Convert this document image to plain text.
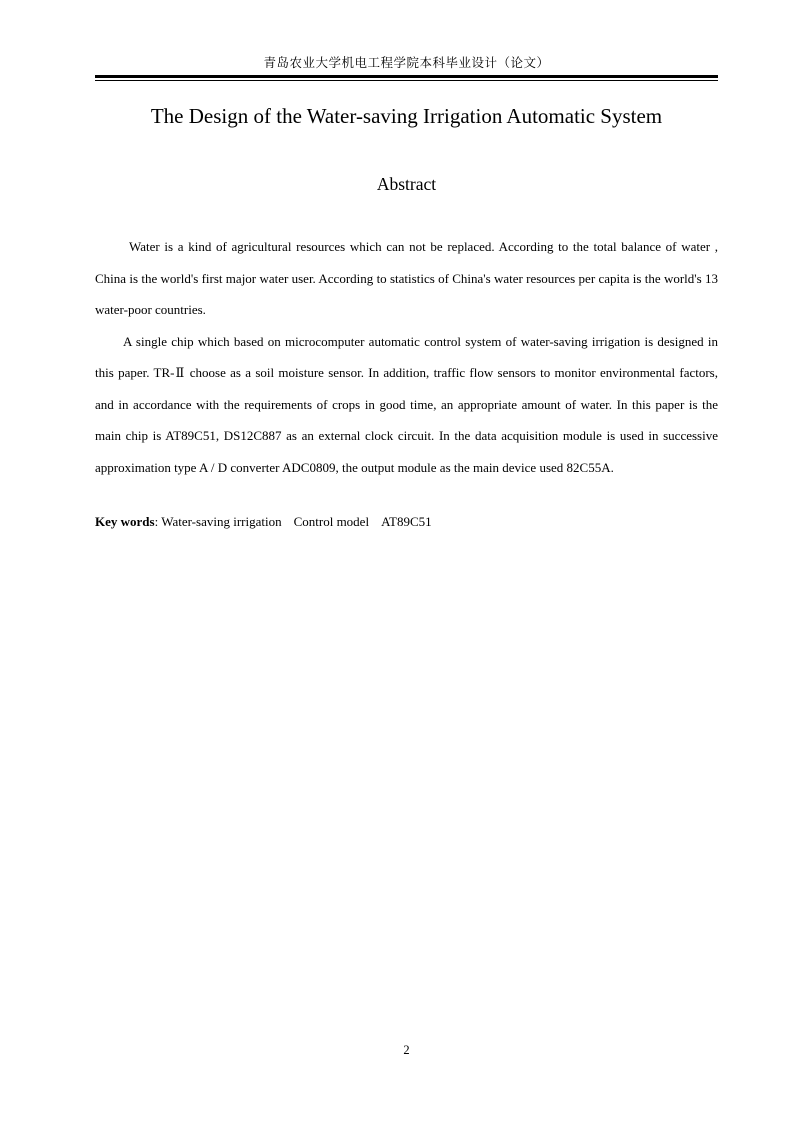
青岛农业大学机电工程学院本科毕业设计（论文）
The Design of the Water-saving Irrigation Automatic System
Abstract

Water is a kind of agricultural resources which can not be replaced. According to the total balance of water , China is the world's first major water user. According to statistics of China's water resources per capita is the world's 13 water-poor countries.

A single chip which based on microcomputer automatic control system of water-saving irrigation is designed in this paper. TR-Ⅱ choose as a soil moisture sensor. In addition, traffic flow sensors to monitor environmental factors, and in accordance with the requirements of crops in good time, an appropriate amount of water. In this paper is the main chip is AT89C51, DS12C887 as an external clock circuit. In the data acquisition module is used in successive approximation type A / D converter ADC0809, the output module as the main device used 82C55A.

Key words: Water-saving irrigation Control model AT89C51
2
